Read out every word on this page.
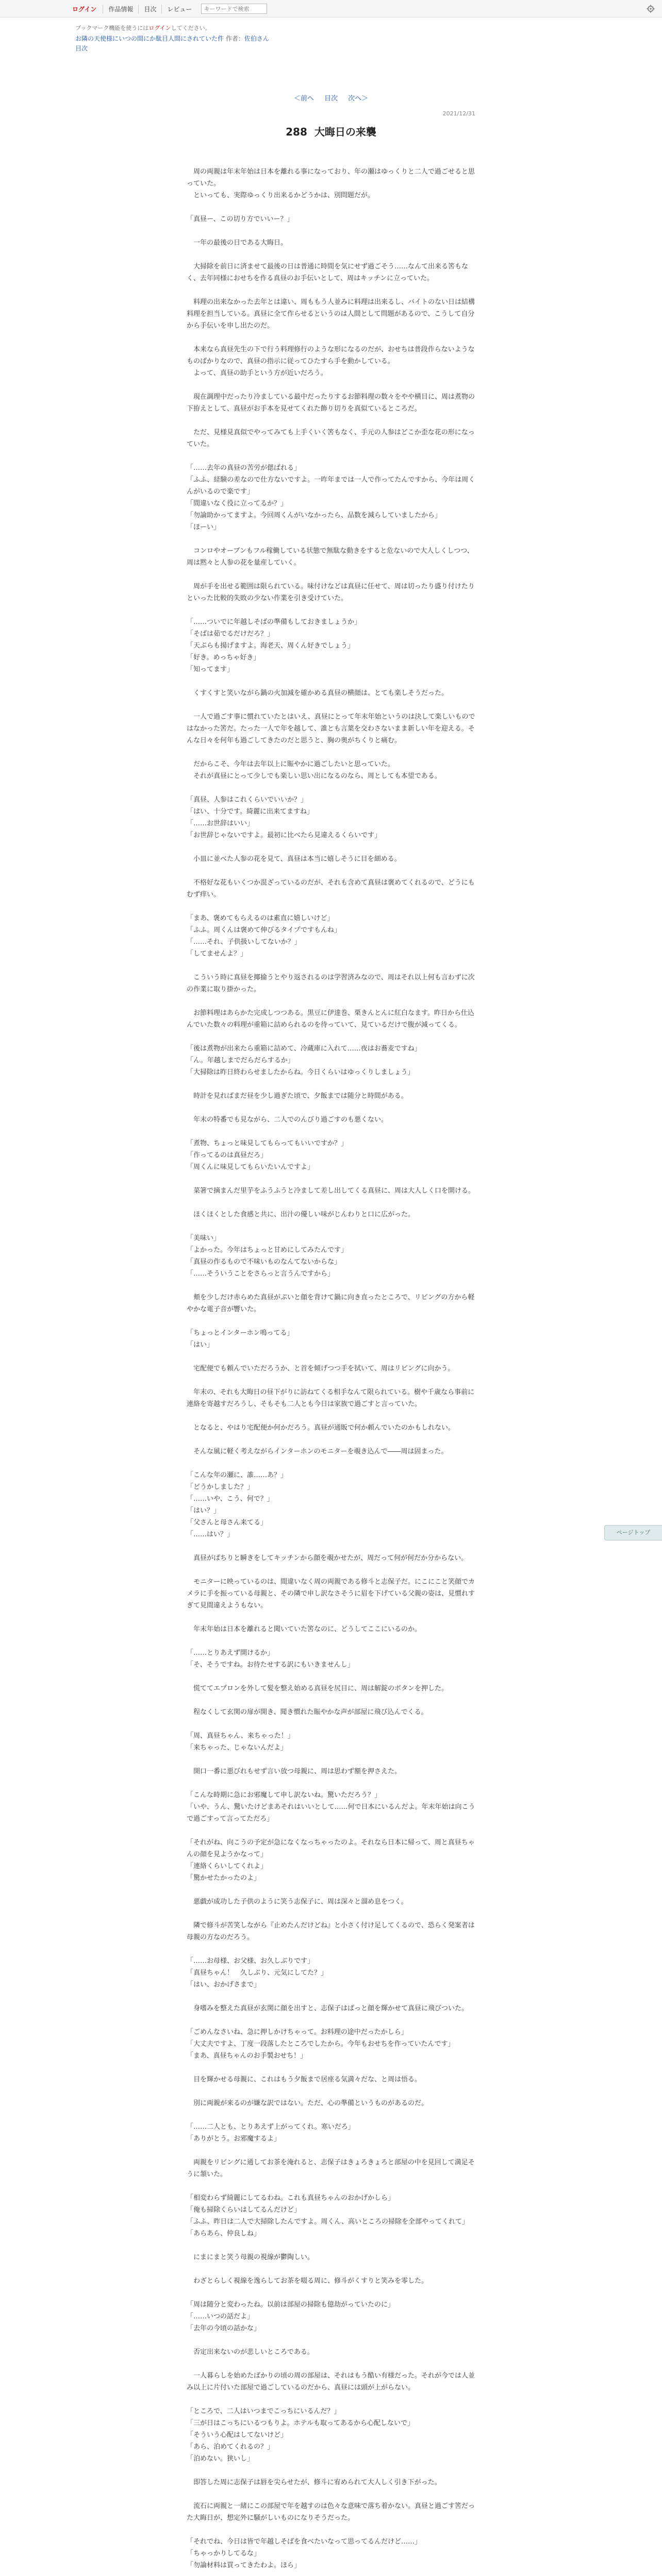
ログイン	作品情報	目次	レビュー
キーワードで検索
ブックマーク機能を使うにはログインしてください。
お隣の天使様にいつの間にか駄目人間にされていた件 作者：佐伯さん
目次
＜前へ 目次 次へ＞
2021/12/31
288 大晦日の来襲

　周の両親は年末年始は日本を離れる事になっており、年の瀬はゆっくりと二人で過ごせると思っていた。

　といっても、実際ゆっくり出来るかどうかは、別問題だが。

「真昼ー、この切り方でいいー？」

　一年の最後の日である大晦日。

　大掃除を前日に済ませて最後の日は普通に時間を気にせず過ごそう……なんて出来る筈もなく、去年同様におせちを作る真昼のお手伝いとして、周はキッチンに立っていた。

　料理の出来なかった去年とは違い、周ももう人並みに料理は出来るし、バイトのない日は結構料理を担当している。真昼に全て作らせるというのは人間として問題があるので、こうして自分から手伝いを申し出たのだ。

　本来なら真昼先生の下で行う料理修行のような形になるのだが、おせちは普段作らないようなものばかりなので、真昼の指示に従ってひたすら手を動かしている。

　よって、真昼の助手という方が近いだろう。

　現在調理中だったり冷ましている最中だったりするお節料理の数々をやや横目に、周は煮物の下拵えとして、真昼がお手本を見せてくれた飾り切りを真似ているところだ。

　ただ、見様見真似でやってみても上手くいく筈もなく、手元の人参はどこか歪な花の形になっていた。

「……去年の真昼の苦労が偲ばれる」

「ふふ、経験の差なので仕方ないですよ。一昨年までは一人で作ってたんですから、今年は周くんがいるので楽です」

「間違いなく役に立ってるか？」

「勿論助かってますよ。今回周くんがいなかったら、品数を減らしていましたから」

「ほーい」

　コンロやオーブンもフル稼働している状態で無駄な動きをすると危ないので大人しくしつつ、周は黙々と人参の花を量産していく。

　周が手を出せる範囲は限られている。味付けなどは真昼に任せて、周は切ったり盛り付けたりといった比較的失敗の少ない作業を引き受けていた。

「……ついでに年越しそばの準備もしておきましょうか」

「そばは茹でるだけだろ？」

「天ぷらも揚げますよ。海老天、周くん好きでしょう」

「好き。めっちゃ好き」

「知ってます」

　くすくすと笑いながら鍋の火加減を確かめる真昼の横顔は、とても楽しそうだった。

　一人で過ごす事に慣れていたとはいえ、真昼にとって年末年始というのは決して楽しいものではなかった筈だ。たった一人で年を越して、誰とも言葉を交わさないまま新しい年を迎える。そんな日々を何年も過ごしてきたのだと思うと、胸の奥がちくりと痛む。

　だからこそ、今年は去年以上に賑やかに過ごしたいと思っていた。

　それが真昼にとって少しでも楽しい思い出になるのなら、周としても本望である。

「真昼、人参はこれくらいでいいか？」

「はい、十分です。綺麗に出来てますね」

「……お世辞はいい」

「お世辞じゃないですよ。最初に比べたら見違えるくらいです」

　小皿に並べた人参の花を見て、真昼は本当に嬉しそうに目を細める。

　不格好な花もいくつか混ざっているのだが、それも含めて真昼は褒めてくれるので、どうにもむず痒い。

「まあ、褒めてもらえるのは素直に嬉しいけど」

「ふふ。周くんは褒めて伸びるタイプですもんね」

「……それ、子供扱いしてないか？」

「してませんよ？」

　こういう時に真昼を揶揄うとやり返されるのは学習済みなので、周はそれ以上何も言わずに次の作業に取り掛かった。

　お節料理はあらかた完成しつつある。黒豆に伊達巻、栗きんとんに紅白なます。昨日から仕込んでいた数々の料理が重箱に詰められるのを待っていて、見ているだけで腹が減ってくる。

「後は煮物が出来たら重箱に詰めて、冷蔵庫に入れて……夜はお蕎麦ですね」

「ん。年越しまでだらだらするか」

「大掃除は昨日終わらせましたからね。今日くらいはゆっくりしましょう」

　時計を見ればまだ昼を少し過ぎた頃で、夕飯までは随分と時間がある。

　年末の特番でも見ながら、二人でのんびり過ごすのも悪くない。

「煮物、ちょっと味見してもらってもいいですか？」

「作ってるのは真昼だろ」

「周くんに味見してもらいたいんですよ」

　菜箸で摘まんだ里芋をふうふうと冷まして差し出してくる真昼に、周は大人しく口を開ける。

　ほくほくとした食感と共に、出汁の優しい味がじんわりと口に広がった。

「美味い」

「よかった。今年はちょっと甘めにしてみたんです」

「真昼の作るもので不味いものなんてないからな」

「……そういうことをさらっと言うんですから」

　頬を少しだけ赤らめた真昼がぷいと顔を背けて鍋に向き直ったところで、リビングの方から軽やかな電子音が響いた。

「ちょっとインターホン鳴ってる」

「はい」

　宅配便でも頼んでいただろうか、と首を傾げつつ手を拭いて、周はリビングに向かう。

　年末の、それも大晦日の昼下がりに訪ねてくる相手なんて限られている。樹や千歳なら事前に連絡を寄越すだろうし、そもそも二人とも今日は家族で過ごすと言っていた。

　となると、やはり宅配便か何かだろう。真昼が通販で何か頼んでいたのかもしれない。

　そんな風に軽く考えながらインターホンのモニターを覗き込んで――周は固まった。

「こんな年の瀬に、誰……あ？」

「どうかしました？」

「……いや、こう、何で？」

「はい？」

「父さんと母さん来てる」

「……はい？」

　真昼がぱちりと瞬きをしてキッチンから顔を覗かせたが、周だって何が何だか分からない。

　モニターに映っているのは、間違いなく周の両親である修斗と志保子だ。にこにこと笑顔でカメラに手を振っている母親と、その隣で申し訳なさそうに眉を下げている父親の姿は、見慣れすぎて見間違えようもない。

　年末年始は日本を離れると聞いていた筈なのに、どうしてここにいるのか。

「……とりあえず開けるか」

「そ、そうですね。お待たせする訳にもいきませんし」

　慌ててエプロンを外して髪を整え始める真昼を尻目に、周は解錠のボタンを押した。

　程なくして玄関の扉が開き、聞き慣れた賑やかな声が部屋に飛び込んでくる。

「周、真昼ちゃん、来ちゃった！」

「来ちゃった、じゃないんだよ」

　開口一番に悪びれもせず言い放つ母親に、周は思わず額を押さえた。

「こんな時期に急にお邪魔して申し訳ないね。驚いただろう？」

「いや、うん、驚いたけどまあそれはいいとして……何で日本にいるんだよ。年末年始は向こうで過ごすって言ってただろ」

「それがね、向こうの予定が急になくなっちゃったのよ。それなら日本に帰って、周と真昼ちゃんの顔を見ようかなって」

「連絡くらいしてくれよ」

「驚かせたかったのよ」

　悪戯が成功した子供のように笑う志保子に、周は深々と溜め息をつく。

　隣で修斗が苦笑しながら『止めたんだけどね』と小さく付け足してくるので、恐らく発案者は母親の方なのだろう。

「……お母様、お父様、お久しぶりです」

「真昼ちゃん！　久しぶり、元気にしてた？」

「はい、おかげさまで」

　身嗜みを整えた真昼が玄関に顔を出すと、志保子はぱっと顔を輝かせて真昼に飛びついた。

「ごめんなさいね、急に押しかけちゃって。お料理の途中だったかしら」

「大丈夫ですよ、丁度一段落したところでしたから。今年もおせちを作っていたんです」

「まあ、真昼ちゃんのお手製おせち！」

　目を輝かせる母親に、これはもう夕飯まで居座る気満々だな、と周は悟る。

　別に両親が来るのが嫌な訳ではない。ただ、心の準備というものがあるのだ。

「……二人とも、とりあえず上がってくれ。寒いだろ」

「ありがとう。お邪魔するよ」

　両親をリビングに通してお茶を淹れると、志保子はきょろきょろと部屋の中を見回して満足そうに頷いた。

「相変わらず綺麗にしてるわね。これも真昼ちゃんのおかげかしら」

「俺も掃除くらいはしてるんだけど」

「ふふ、昨日は二人で大掃除したんですよ。周くん、高いところの掃除を全部やってくれて」

「あらあら、仲良しね」

　にまにまと笑う母親の視線が鬱陶しい。

　わざとらしく視線を逸らしてお茶を啜る周に、修斗がくすりと笑みを零した。

「周は随分と変わったね。以前は部屋の掃除も億劫がっていたのに」

「……いつの話だよ」

「去年の今頃の話かな」

　否定出来ないのが悲しいところである。

　一人暮らしを始めたばかりの頃の周の部屋は、それはもう酷い有様だった。それが今では人並み以上に片付いた部屋で過ごしているのだから、真昼には頭が上がらない。

「ところで、二人はいつまでこっちにいるんだ？」

「三が日はこっちにいるつもりよ。ホテルも取ってあるから心配しないで」

「そういう心配はしてないけど」

「あら、泊めてくれるの？」

「泊めない。狭いし」

　即答した周に志保子は唇を尖らせたが、修斗に宥められて大人しく引き下がった。

　流石に両親と一緒にこの部屋で年を越すのは色々な意味で落ち着かない。真昼と過ごす筈だった大晦日が、想定外に騒がしいものになりそうだった。

「それでね、今日は皆で年越しそばを食べたいなって思ってるんだけど……」

「ちゃっかりしてるな」

「勿論材料は買ってきたわよ。ほら」

ページトップ
